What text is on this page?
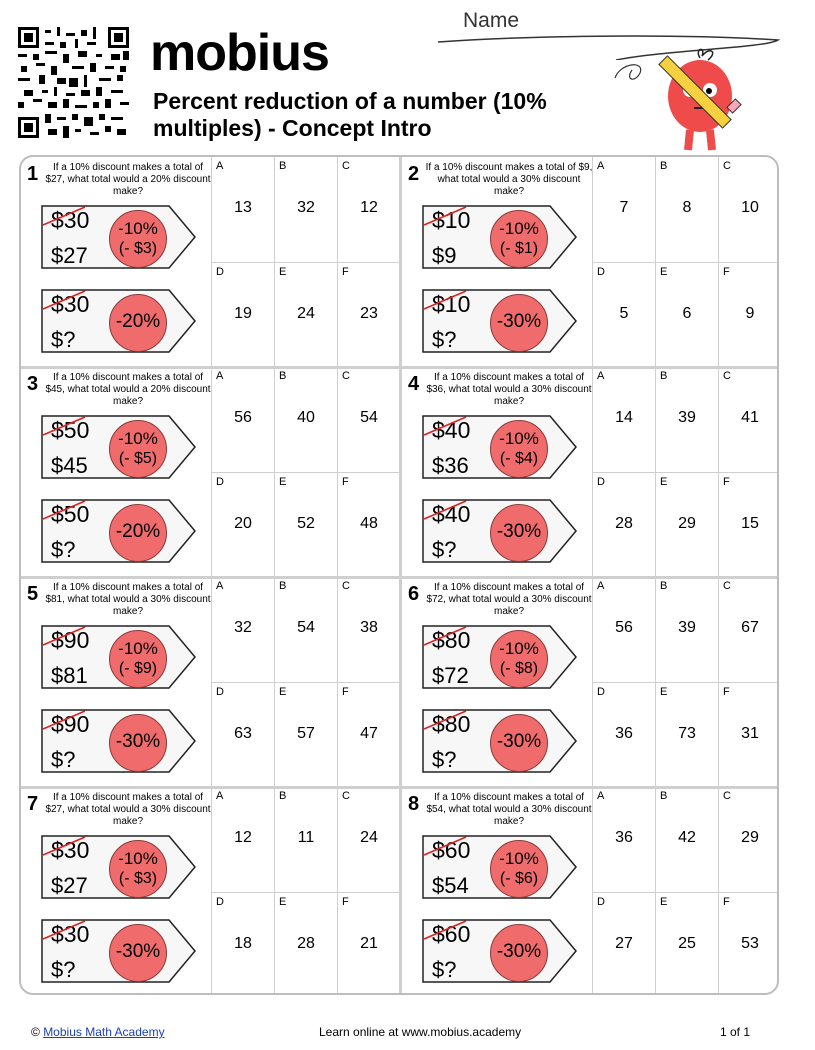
mobius
Percent reduction of a number (10% multiples) - Concept Intro
Name
1	If a 10% discount makes a total of $27, what total would a 20% discount make?
$30
$27
-10%
(- $3)
$30
$?
-20%
A
13
B
32
C
12
D
19
E
24
F
23
2 If a 10% discount makes a total of $9, what total would a 30% discount make?
$10
$9
-10%
(- $1)
$10
$?
-30%
A
7
B
8
C
10
D
5
E
6
F
9
3	If a 10% discount makes a total of $45, what total would a 20% discount make?
$50
$45
-10%
(- $5)
$50
$?
-20%
A
56
B
40
C
54
D
20
E
52
F
48
4	If a 10% discount makes a total of $36, what total would a 30% discount make?
$40
$36
-10%
(- $4)
$40
$?
-30%
A
14
B
39
C
41
D
28
E
29
F
15
5	If a 10% discount makes a total of $81, what total would a 30% discount make?
$90
$81
-10%
(- $9)
$90
$?
-30%
A
32
B
54
C
38
D
63
E
57
F
47
6	If a 10% discount makes a total of $72, what total would a 30% discount make?
$80
$72
-10%
(- $8)
$80
$?
-30%
A
56
B
39
C
67
D
36
E
73
F
31
7	If a 10% discount makes a total of $27, what total would a 30% discount make?
$30
$27
-10%
(- $3)
$30
$?
-30%
A
12
B
11
C
24
D
18
E
28
F
21
8	If a 10% discount makes a total of $54, what total would a 30% discount make?
$60
$54
-10%
(- $6)
$60
$?
-30%
A
36
B
42
C
29
D
27
E
25
F
53
© Mobius Math Academy	Learn online at www.mobius.academy	1 of 1
